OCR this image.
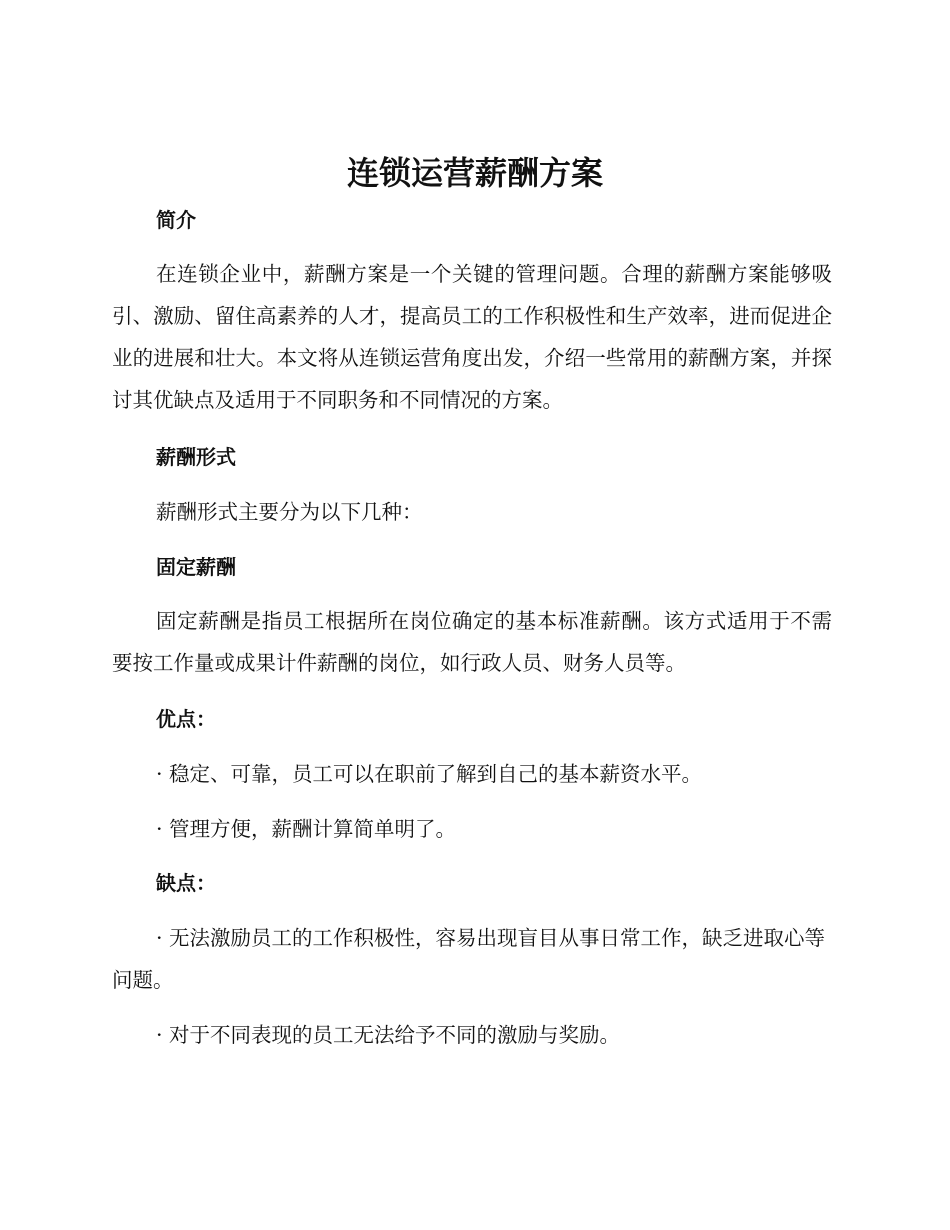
连锁运营薪酬方案
简介

在连锁企业中，薪酬方案是一个关键的管理问题。合理的薪酬方案能够吸引、激励、留住高素养的人才，提高员工的工作积极性和生产效率，进而促进企业的进展和壮大。本文将从连锁运营角度出发，介绍一些常用的薪酬方案，并探讨其优缺点及适用于不同职务和不同情况的方案。

薪酬形式

薪酬形式主要分为以下几种：

固定薪酬

固定薪酬是指员工根据所在岗位确定的基本标准薪酬。该方式适用于不需要按工作量或成果计件薪酬的岗位，如行政人员、财务人员等。

优点：

· 稳定、可靠，员工可以在职前了解到自己的基本薪资水平。

· 管理方便，薪酬计算简单明了。

缺点：

· 无法激励员工的工作积极性，容易出现盲目从事日常工作，缺乏进取心等问题。

· 对于不同表现的员工无法给予不同的激励与奖励。
